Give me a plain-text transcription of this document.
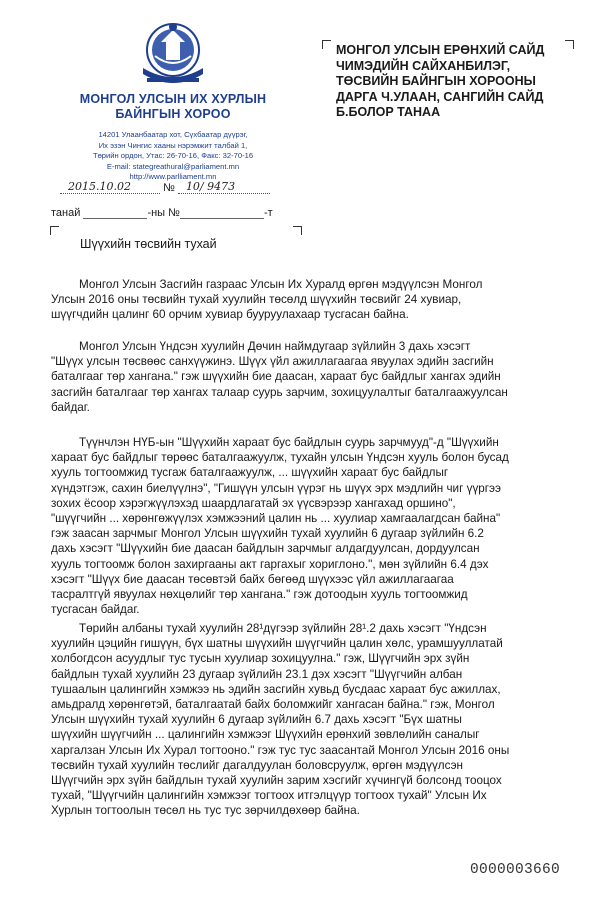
МОНГОЛ УЛСЫН ИХ ХУРЛЫН
БАЙНГЫН ХОРОО
14201 Улаанбаатар хот, Сүхбаатар дүүрэг,
Их эзэн Чингис хааны нэрэмжит талбай 1,
Төрийн ордон, Утас: 26-70-16, Факс: 32-70-16
E-mail: stategreathural@parliament.mn
http://www.parlliament.mn
МОНГОЛ УЛСЫН ЕРӨНХИЙ САЙД
ЧИМЭДИЙН САЙХАНБИЛЭГ,
ТӨСВИЙН БАЙНГЫН ХОРООНЫ
ДАРГА Ч.УЛААН, САНГИЙН САЙД
Б.БОЛОР ТАНАА
2015.10.02	№ 10/ 9473
танай	-ны №	-т
Шүүхийн төсвийн тухай
Монгол Улсын Засгийн газраас Улсын Их Хуралд өргөн мэдүүлсэн Монгол
Улсын 2016 оны төсвийн тухай хуулийн төсөлд шүүхийн төсвийг 24 хувиар,
шүүгчдийн цалинг 60 орчим хувиар бууруулахаар тусгасан байна.
Монгол Улсын Үндсэн хуулийн Дөчин наймдугаар зүйлийн 3 дахь хэсэгт
"Шүүх улсын төсвөөс санхүүжинэ. Шүүх үйл ажиллагаагаа явуулах эдийн засгийн
баталгааг төр хангана." гэж шүүхийн бие даасан, хараат бус байдлыг хангах эдийн
засгийн баталгааг төр хангах талаар суурь зарчим, зохицуулалтыг баталгаажуулсан
байдаг.
Түүнчлэн НҮБ-ын "Шүүхийн хараат бус байдлын суурь зарчмууд"-д "Шүүхийн
хараат бус байдлыг төрөөс баталгаажуулж, тухайн улсын Үндсэн хууль болон бусад
хууль тогтоомжид тусгаж баталгаажуулж, ... шүүхийн хараат бус байдлыг
хүндэтгэж, сахин биелүүлнэ", "Гишүүн улсын үүрэг нь шүүх эрх мэдлийн чиг үүргээ
зохих ёсоор хэрэгжүүлэхэд шаардлагатай эх үүсвэрээр хангахад оршино",
"шүүгчийн ... хөрөнгөжүүлэх хэмжээний цалин нь ... хуулиар хамгаалагдсан байна"
гэж заасан зарчмыг Монгол Улсын шүүхийн тухай хуулийн 6 дугаар зүйлийн 6.2
дахь хэсэгт "Шүүхийн бие даасан байдлын зарчмыг алдагдуулсан, дордуулсан
хууль тогтоомж болон захиргааны акт гаргахыг хориглоно.", мөн зүйлийн 6.4 дэх
хэсэгт "Шүүх бие даасан төсөвтэй байх бөгөөд шүүхээс үйл ажиллагаагаа
тасралтгүй явуулах нөхцөлийг төр хангана." гэж дотоодын хууль тогтоомжид
тусгасан байдаг.
Төрийн албаны тухай хуулийн 28¹дүгээр зүйлийн 28¹.2 дахь хэсэгт "Үндсэн
хуулийн цэцийн гишүүн, бүх шатны шүүхийн шүүгчийн цалин хөлс, урамшууллатай
холбогдсон асуудлыг тус тусын хуулиар зохицуулна." гэж, Шүүгчийн эрх зүйн
байдлын тухай хуулийн 23 дугаар зүйлийн 23.1 дэх хэсэгт "Шүүгчийн албан
тушаалын цалингийн хэмжээ нь эдийн засгийн хувьд бусдаас хараат бус ажиллах,
амьдралд хөрөнгөтэй, баталгаатай байх боломжийг хангасан байна." гэж, Монгол
Улсын шүүхийн тухай хуулийн 6 дугаар зүйлийн 6.7 дахь хэсэгт "Бүх шатны
шүүхийн шүүгчийн ... цалингийн хэмжээг Шүүхийн ерөнхий зөвлөлийн саналыг
харгалзан Улсын Их Хурал тогтооно." гэж тус тус заасантай Монгол Улсын 2016 оны
төсвийн тухай хуулийн төслийг дагалдуулан боловсруулж, өргөн мэдүүлсэн
Шүүгчийн эрх зүйн байдлын тухай хуулийн зарим хэсгийг хүчингүй болсонд тооцох
тухай, "Шүүгчийн цалингийн хэмжээг тогтоох итгэлцүүр тогтоох тухай" Улсын Их
Хурлын тогтоолын төсөл нь тус тус зөрчилдөхөөр байна.
0000003660
